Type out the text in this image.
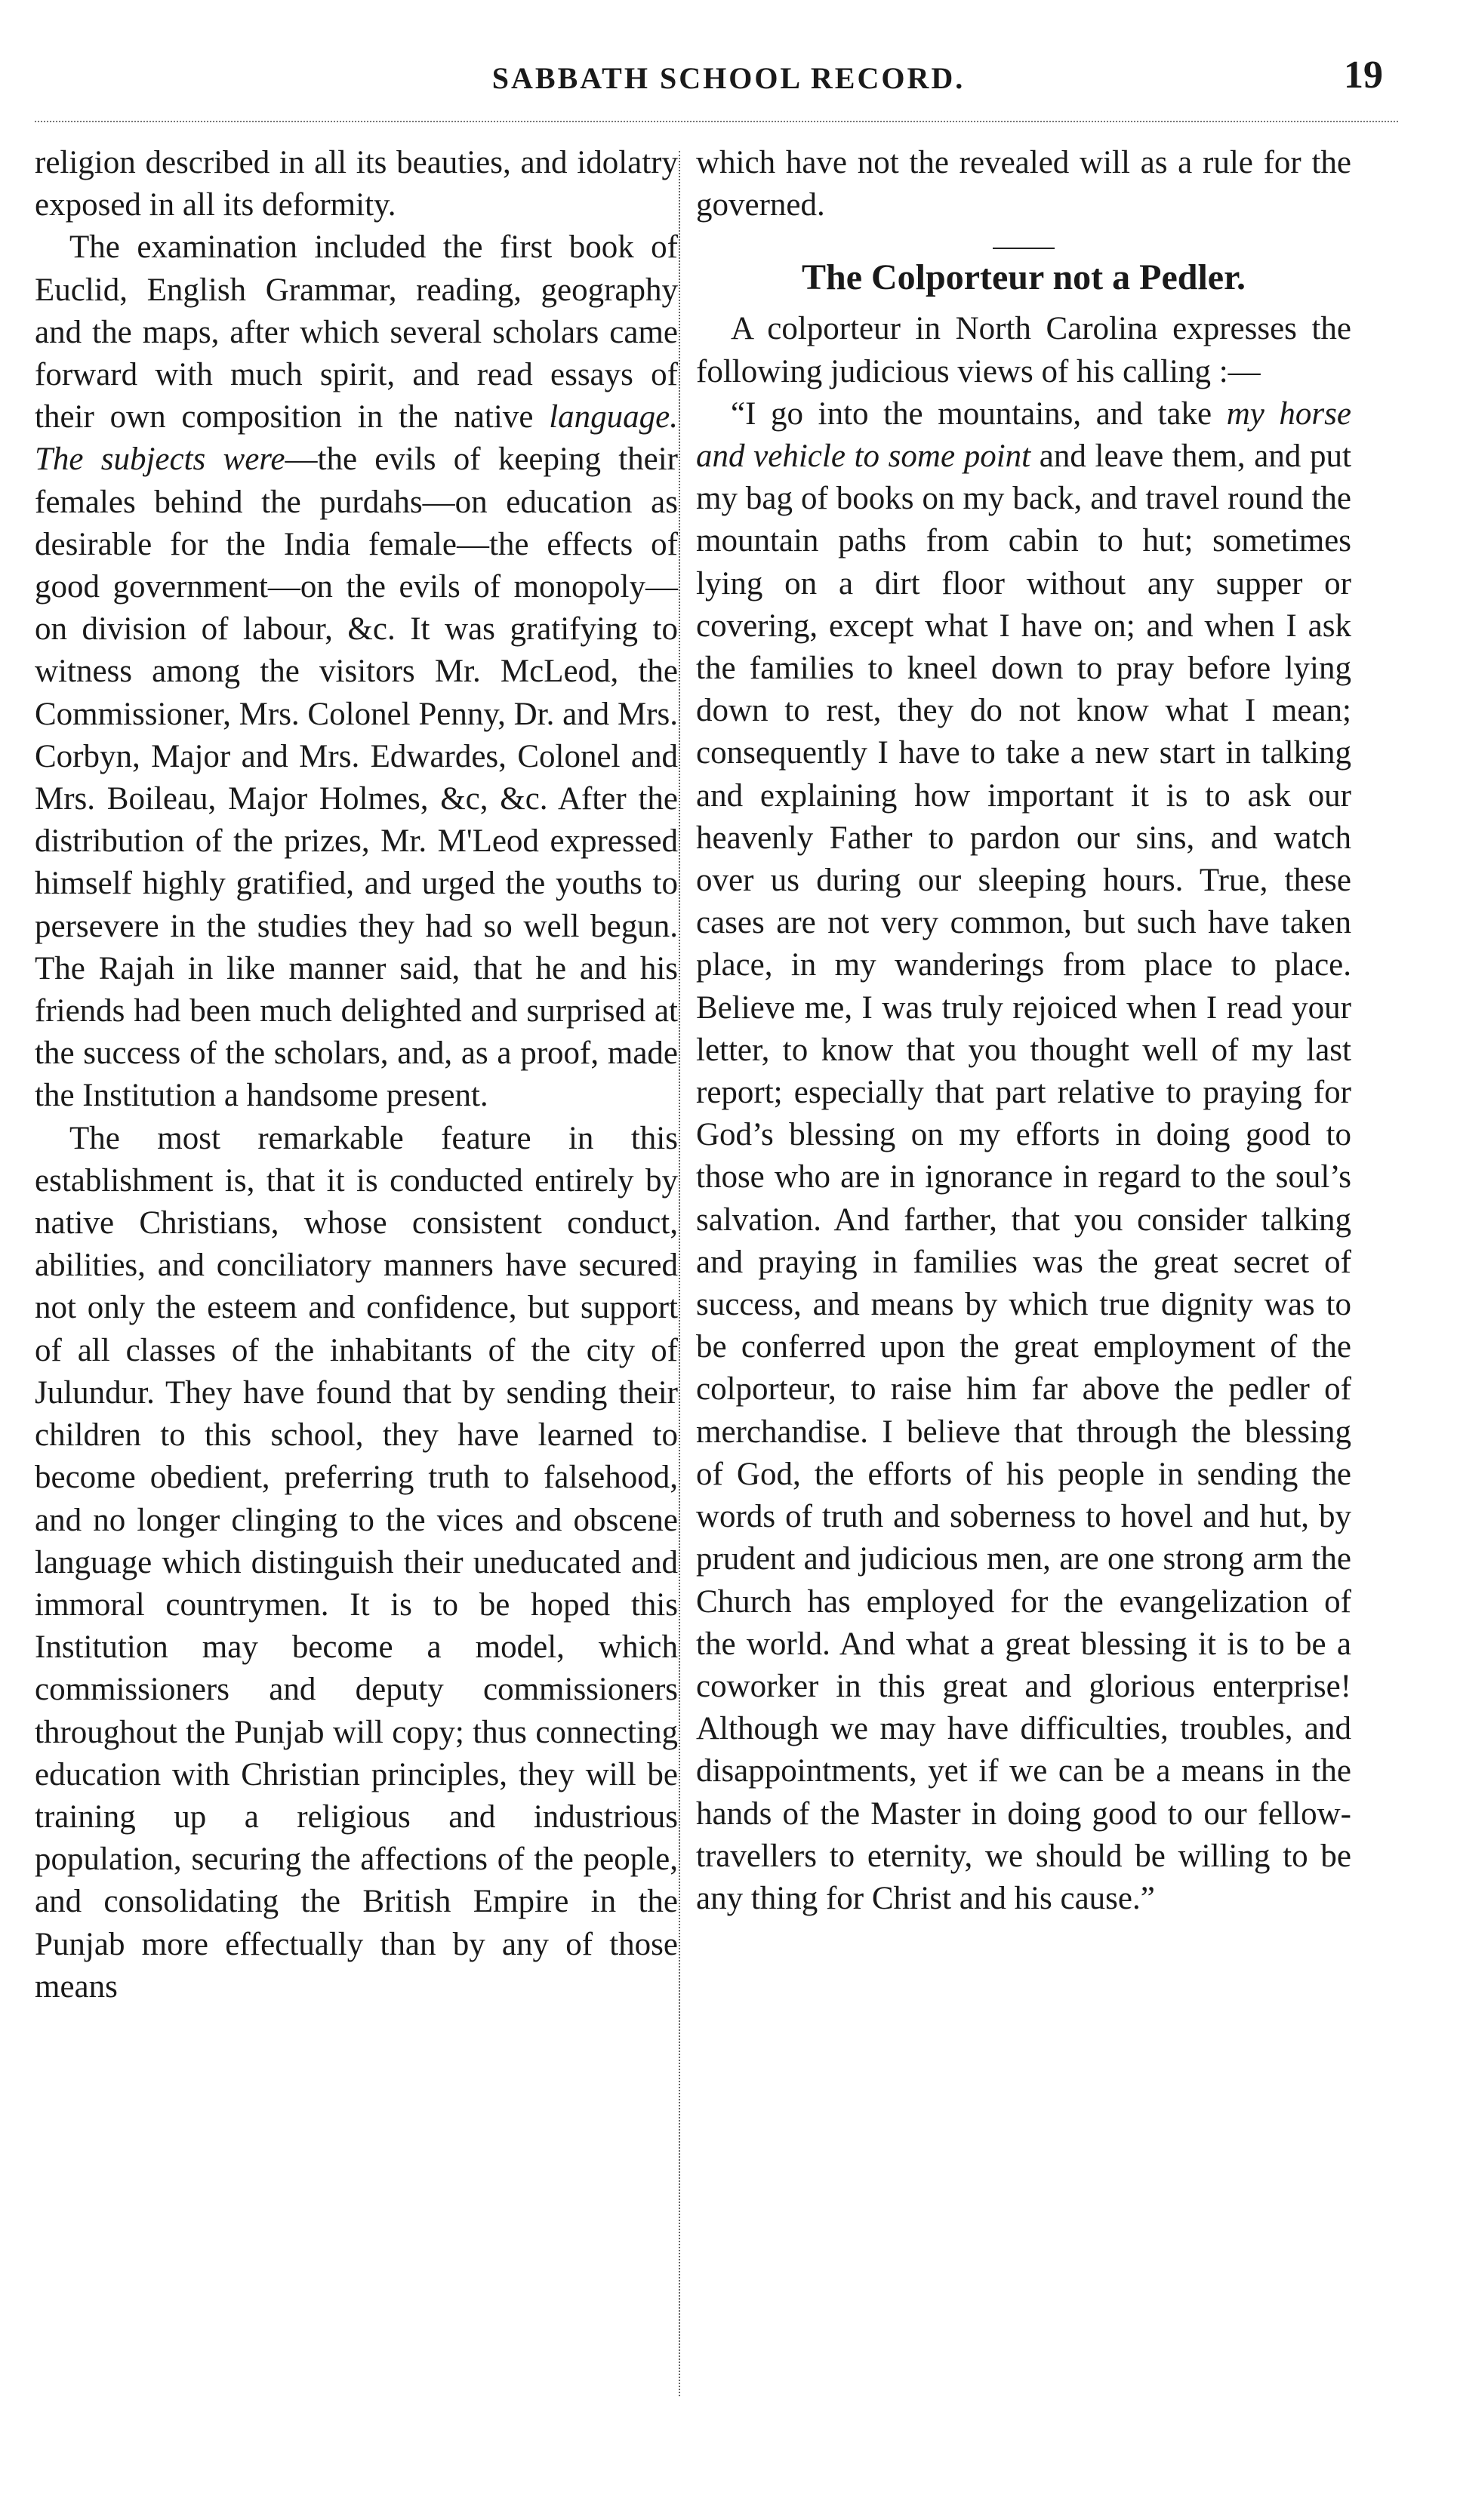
SABBATH SCHOOL RECORD.	19

religion described in all its beauties, and idolatry exposed in all its deformity.

The examination included the first book of Euclid, English Grammar, reading, geography and the maps, after which several scholars came forward with much spirit, and read essays of their own composition in the native language. The subjects were—the evils of keeping their females behind the purdahs—on education as desirable for the India female—the effects of good government—on the evils of monopoly—on division of labour, &c. It was gratifying to witness among the visitors Mr. McLeod, the Commissioner, Mrs. Colonel Penny, Dr. and Mrs. Corbyn, Major and Mrs. Edwardes, Colonel and Mrs. Boileau, Major Holmes, &c, &c. After the distribution of the prizes, Mr. M'Leod expressed himself highly gratified, and urged the youths to persevere in the studies they had so well begun. The Rajah in like manner said, that he and his friends had been much delighted and surprised at the success of the scholars, and, as a proof, made the Institution a handsome present.

The most remarkable feature in this establishment is, that it is conducted entirely by native Christians, whose consistent conduct, abilities, and conciliatory manners have secured not only the esteem and confidence, but support of all classes of the inhabitants of the city of Julundur. They have found that by sending their children to this school, they have learned to become obedient, preferring truth to falsehood, and no longer clinging to the vices and obscene language which distinguish their uneducated and immoral countrymen. It is to be hoped this Institution may become a model, which commissioners and deputy commissioners throughout the Punjab will copy; thus connecting education with Christian principles, they will be training up a religious and industrious population, securing the affections of the people, and consolidating the British Empire in the Punjab more effectually than by any of those means

which have not the revealed will as a rule for the governed.

The Colporteur not a Pedler.

A colporteur in North Carolina expresses the following judicious views of his calling :—

“I go into the mountains, and take my horse and vehicle to some point and leave them, and put my bag of books on my back, and travel round the mountain paths from cabin to hut; sometimes lying on a dirt floor without any supper or covering, except what I have on; and when I ask the families to kneel down to pray before lying down to rest, they do not know what I mean; consequently I have to take a new start in talking and explaining how important it is to ask our heavenly Father to pardon our sins, and watch over us during our sleeping hours. True, these cases are not very common, but such have taken place, in my wanderings from place to place. Believe me, I was truly rejoiced when I read your letter, to know that you thought well of my last report; especially that part relative to praying for God’s blessing on my efforts in doing good to those who are in ignorance in regard to the soul’s salvation. And farther, that you consider talking and praying in families was the great secret of success, and means by which true dignity was to be conferred upon the great employment of the colporteur, to raise him far above the pedler of merchandise. I believe that through the blessing of God, the efforts of his people in sending the words of truth and soberness to hovel and hut, by prudent and judicious men, are one strong arm the Church has employed for the evangelization of the world. And what a great blessing it is to be a coworker in this great and glorious enterprise! Although we may have difficulties, troubles, and disappointments, yet if we can be a means in the hands of the Master in doing good to our fellow-travellers to eternity, we should be willing to be any thing for Christ and his cause.”
